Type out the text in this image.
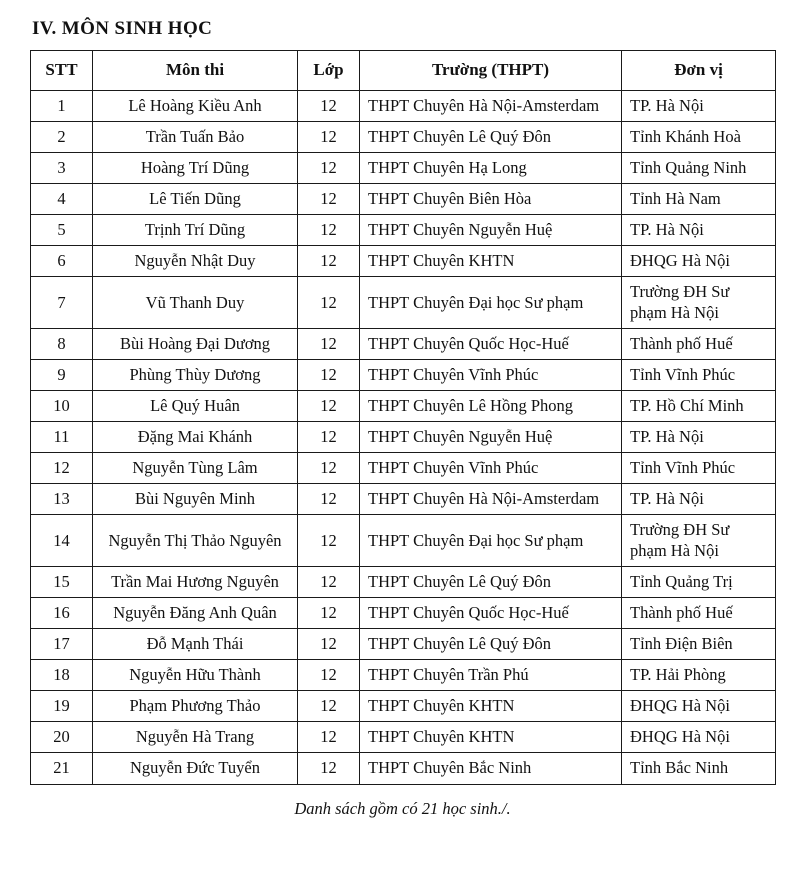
IV. MÔN SINH HỌC
STT	Môn thi	Lớp	Trường (THPT)	Đơn vị
1	Lê Hoàng Kiều Anh	12	THPT Chuyên Hà Nội-Amsterdam	TP. Hà Nội
2	Trần Tuấn Bảo	12	THPT Chuyên Lê Quý Đôn	Tỉnh Khánh Hoà
3	Hoàng Trí Dũng	12	THPT Chuyên Hạ Long	Tỉnh Quảng Ninh
4	Lê Tiến Dũng	12	THPT Chuyên Biên Hòa	Tỉnh Hà Nam
5	Trịnh Trí Dũng	12	THPT Chuyên Nguyễn Huệ	TP. Hà Nội
6	Nguyễn Nhật Duy	12	THPT Chuyên KHTN	ĐHQG Hà Nội
7	Vũ Thanh Duy	12	THPT Chuyên Đại học Sư phạm	Trường ĐH Sư phạm Hà Nội
8	Bùi Hoàng Đại Dương	12	THPT Chuyên Quốc Học-Huế	Thành phố Huế
9	Phùng Thùy Dương	12	THPT Chuyên Vĩnh Phúc	Tỉnh Vĩnh Phúc
10	Lê Quý Huân	12	THPT Chuyên Lê Hồng Phong	TP. Hồ Chí Minh
11	Đặng Mai Khánh	12	THPT Chuyên Nguyễn Huệ	TP. Hà Nội
12	Nguyễn Tùng Lâm	12	THPT Chuyên Vĩnh Phúc	Tỉnh Vĩnh Phúc
13	Bùi Nguyên Minh	12	THPT Chuyên Hà Nội-Amsterdam	TP. Hà Nội
14	Nguyễn Thị Thảo Nguyên	12	THPT Chuyên Đại học Sư phạm	Trường ĐH Sư phạm Hà Nội
15	Trần Mai Hương Nguyên	12	THPT Chuyên Lê Quý Đôn	Tỉnh Quảng Trị
16	Nguyễn Đăng Anh Quân	12	THPT Chuyên Quốc Học-Huế	Thành phố Huế
17	Đỗ Mạnh Thái	12	THPT Chuyên Lê Quý Đôn	Tỉnh Điện Biên
18	Nguyễn Hữu Thành	12	THPT Chuyên Trần Phú	TP. Hải Phòng
19	Phạm Phương Thảo	12	THPT Chuyên KHTN	ĐHQG Hà Nội
20	Nguyễn Hà Trang	12	THPT Chuyên KHTN	ĐHQG Hà Nội
21	Nguyễn Đức Tuyển	12	THPT Chuyên Bắc Ninh	Tỉnh Bắc Ninh
Danh sách gồm có 21 học sinh./.
